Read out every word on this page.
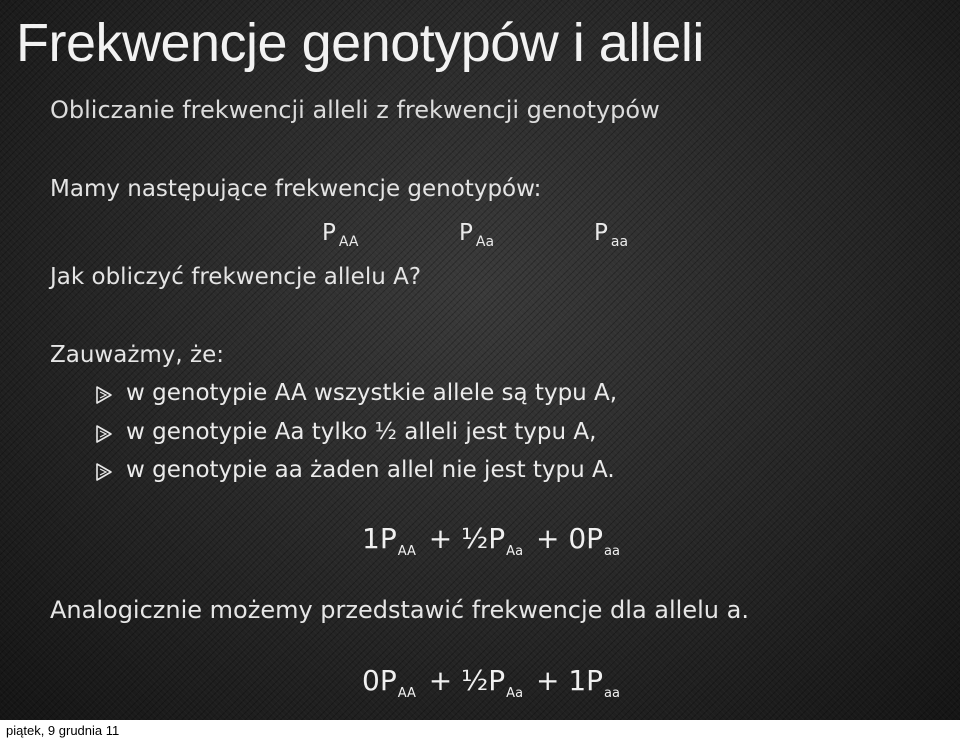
Frekwencje genotypów i alleli
Obliczanie frekwencji alleli z frekwencji genotypów
Mamy następujące frekwencje genotypów:
P $_{AA}$	P $_{Aa}$	P $_{aa}$
Jak obliczyć frekwencje allelu A?
Zauważmy, że:
w genotypie AA wszystkie allele są typu A,
w genotypie Aa tylko ½ alleli jest typu A,
w genotypie aa żaden allel nie jest typu A.
$1P_{AA}$ + $\frac{1}{2}P_{Aa} + 0P_{aa}$
Analogicznie możemy przedstawić frekwencje dla allelu a.
$0P_{AA}$ + $\frac{1}{2}P_{Aa} + 1P_{aa}$
piątek, 9 grudnia 11
